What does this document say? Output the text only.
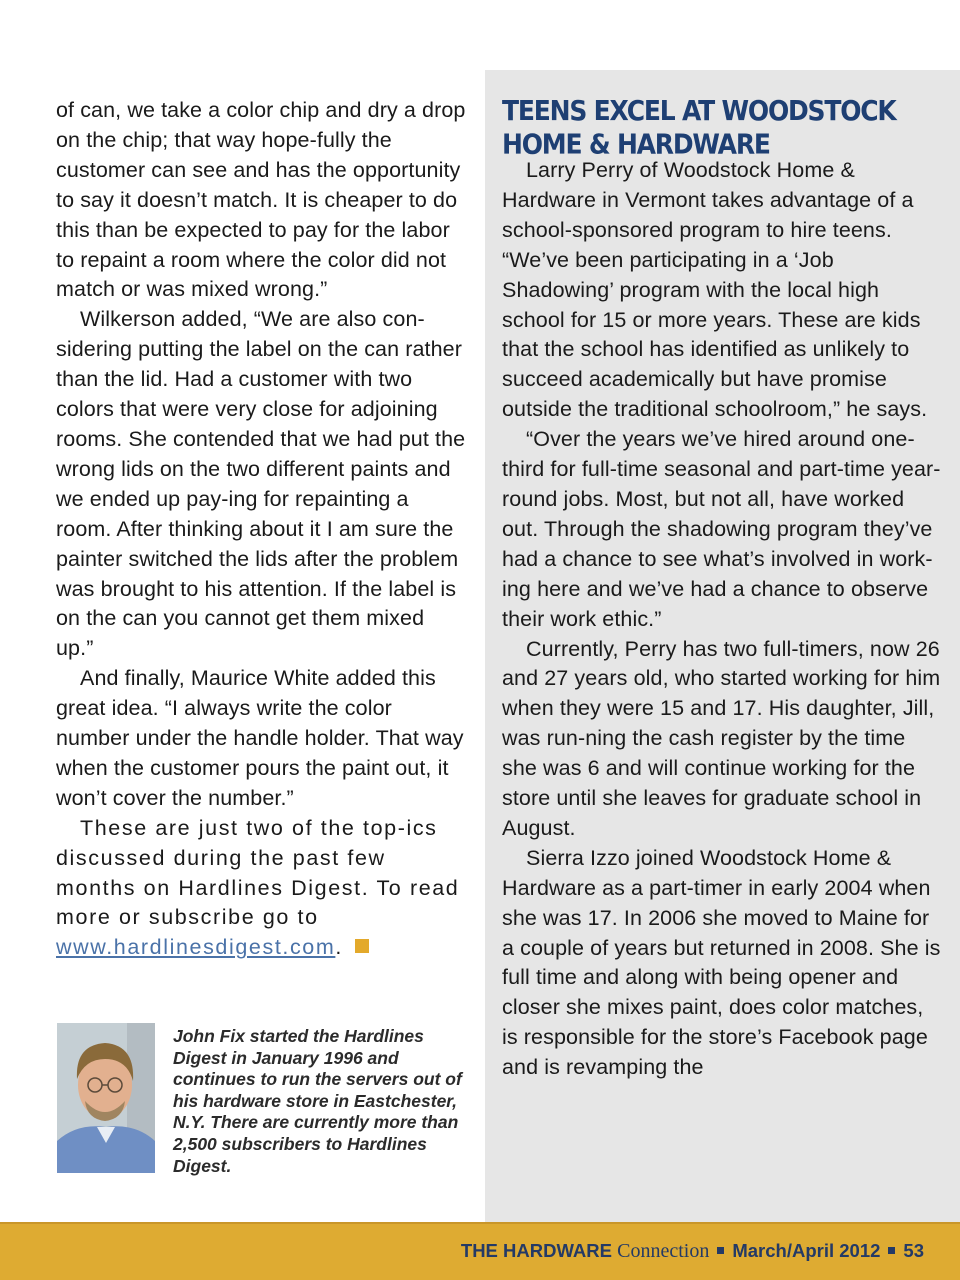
of can, we take a color chip and dry a drop on the chip; that way hope-fully the customer can see and has the opportunity to say it doesn’t match. It is cheaper to do this than be expected to pay for the labor to repaint a room where the color did not match or was mixed wrong.”

Wilkerson added, “We are also con-sidering putting the label on the can rather than the lid. Had a customer with two colors that were very close for adjoining rooms. She contended that we had put the wrong lids on the two different paints and we ended up pay-ing for repainting a room. After thinking about it I am sure the painter switched the lids after the problem was brought to his attention. If the label is on the can you cannot get them mixed up.”

And finally, Maurice White added this great idea. “I always write the color number under the handle holder. That way when the customer pours the paint out, it won’t cover the number.”

These are just two of the top-ics discussed during the past few months on Hardlines Digest. To read more or subscribe go to www.hardlinesdigest.com.

John Fix started the Hardlines Digest in January 1996 and continues to run the servers out of his hardware store in Eastchester, N.Y. There are currently more than 2,500 subscribers to Hardlines Digest.

TEENS EXCEL AT WOODSTOCK
HOME & HARDWARE

Larry Perry of Woodstock Home & Hardware in Vermont takes advantage of a school-sponsored program to hire teens. “We’ve been participating in a ‘Job Shadowing’ program with the local high school for 15 or more years. These are kids that the school has identified as unlikely to succeed academically but have promise outside the traditional schoolroom,” he says.

“Over the years we’ve hired around one-third for full-time seasonal and part-time year-round jobs. Most, but not all, have worked out. Through the shadowing program they’ve had a chance to see what’s involved in work-ing here and we’ve had a chance to observe their work ethic.”

Currently, Perry has two full-timers, now 26 and 27 years old, who started working for him when they were 15 and 17. His daughter, Jill, was run-ning the cash register by the time she was 6 and will continue working for the store until she leaves for graduate school in August.

Sierra Izzo joined Woodstock Home & Hardware as a part-timer in early 2004 when she was 17. In 2006 she moved to Maine for a couple of years but returned in 2008. She is full time and along with being opener and closer she mixes paint, does color matches, is responsible for the store’s Facebook page and is revamping the

THE HARDWARE Connection March/April 2012 53
